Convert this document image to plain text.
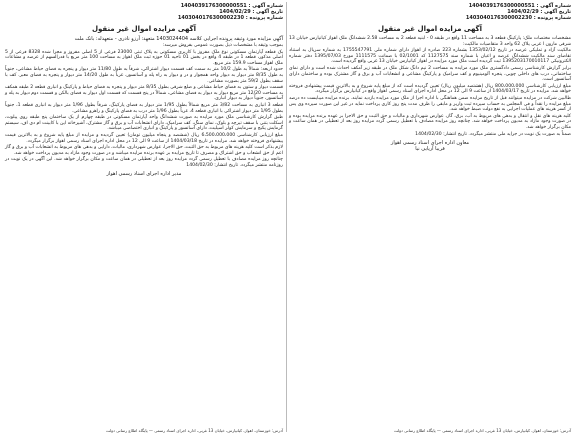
شماره آگهی : 1404039176300000551
تاریخ آگهی : 1404/02/29
شماره پرونده : 1403040176300002230
آگهی مزایده اموال غیر منقول

مشخصات مختصات ملک: پارکینگ قطعه 3 به مساحت 11 واقع در طبقه 0 - ابنیه قطعه 2 به مساحت 2.58 ششدانگ ملک اهواز کیانپارس خیابان 13 شرقی مارون ا غربی پلاک 62 واحد 3 متقاضیات مالکیت:

مالکیت آزاد و تملیکی عرصه در تاریخ 1353/02/12 بشماره 223 صادره از اهواز دارای شماره ملی 1755547791 به شماره سریال به استناد تقاضای سند مالکیت ششدانگ عرصه و اعیان با شماره سند 1127575 کد 02/1001 با ضمانت 1111575 مورخ 1395/07/03 دفتر شماره الکترونیکی 1395203170010117 ثبت گردیده است ملک مورد مزایده در اهواز کیانپارس خیابان 13 غربی واقع گردیده است.

برابر گزارش کارشناسی رسمی دادگستری ملک مورد مزایده به مساحت 2 نیم دانگ شکل ملک در طبقه زیر آمکف احداث شده است و دارای نمای ساختمانی، درب های داخلی چوبی، پنجره آلومینیوم و کف سرامیک و پارکینگ مشاعی و انشعابات آب و برق و گاز مشترک بوده و ساختمان دارای آسانسور است.

مبلغ ارزیابی کارشناسی 800،000،000 ریال (هشتصد میلیون ریال) تعیین گردیده است که از مبلغ پایه شروع و به بالاترین قیمت پیشنهادی فروخته خواهد شد. مزایده در تاریخ 1404/03/17 از ساعت 9 الی 12 در محل اداره اجرای اسناد رسمی اهواز واقع در کیانپارس برگزار میگردد.

طالبین شرکت در مزایده میتوانند قبل از تاریخ مزایده ضمن هماهنگی با اداره اجرا از ملک مورد مزایده بازدید نمایند. برنده مزایده میبایست ده درصد مبلغ مزایده را نقداً و فی المجلس به حساب سپرده ثبت واریز و مابقی را ظرف مدت پنج روز کاری پرداخت نماید در غیر این صورت سپرده وی پس از کسر هزینه های عملیات اجرایی به نفع دولت ضبط خواهد شد.

کلیه هزینه های نقل و انتقال و بدهی های مربوط به آب، برق، گاز، عوارض شهرداری و مالیات و حق الثبت و حق الاجرا بر عهده برنده مزایده بوده و در صورت وجود مازاد به مدیون پرداخت خواهد شد. چنانچه روز مزایده مصادف با تعطیل رسمی گردد مزایده روز بعد از تعطیلی در همان ساعت و مکان برگزار خواهد شد.

ضمناً به صورت یک نوبت در جراید ملی منتشر میگردد. تاریخ انتشار: 1404/02/30

معاون اداره اجرای اسناد رسمی اهواز
فریبا آریایی نیا
آدرس: خوزستان، اهواز، کیانپارس، خیابان 13 غربی، اداره اجرای اسناد رسمی — پایگاه اطلاع رسانی دولت
شماره آگهی : 1404039176300000551
تاریخ آگهی : 1404/02/29
شماره پرونده : 1403040176300002230
آگهی مزایده اموال غیر منقول
آگهی مزایده مورد وثیقه پرونده اجرایی کلاسه 1403024404 متعهد: آرزو نادری - متعهدله: بانک ملت

بموجب وثیقه با مشخصات ذیل بصورت عمومی بفروش میرسد:

یک قطعه آپارتمان مسکونی نوع ملک مفروز با کاربری مسکونی به پلاک ثبتی 23000 فرعی از 5 اصلی مفروز و مجزا شده 8328 فرعی از 5 اصلی مذکور، قطعه 1 در طبقه 4 واقع در بخش 01 ناحیه 01 حوزه ثبت ملک اهواز به مساحت 100 متر مربع با قدرالسهم از عرصه و مشاعات ملک اهواز مساحت 159.9 متر مربع.

حدود اربعه: شمالاً به طول 10/2 متر به سمت کف قسمت دیوار اشتراکی، شرقاً به طول 11/80 متر دیوار و پنجره به فضای حیاط مشاعی، جنوباً به طول 8/35 متر دیوار به دیوار واحد همجوار و در و دیوار به راه پله و آسانسور، غرباً به طول 14/20 متر دیوار و پنجره به فضای معبر. کف با سقف بطول 59/2 متر بصورت مشاعی.

قسمت دیوار و ستون به فضای حیاط مشاعی و ضلع شرقی بطول 8/35 متر دیوار و پنجره به فضای حیاط و پارکینگ و انباری قطعه 2 طبقه همکف به مساحت 12/20 متر مربع دیوار به دیوار به فضای مشاعی، شمالاً در پنج قسمت که قسمت اول دیوار به فضای بالکن و قسمت دوم دیوار به پله و آسانسور، جنوباً دیوار به دیوار انباری.

قطعه 3 انباری به مساحت 3/82 متر مربع شمالاً بطول 1/95 متر دیوار به فضای پارکینگ، شرقاً بطول 1/96 متر دیوار به انباری قطعه 1، جنوباً بطول 1/95 متر دیوار اشتراکی با انباری قطعه 4، غرباً بطول 1/96 متر درب به فضای پارکینگ و راهرو مشاعی.

طبق گزارش کارشناسی ملک مورد مزایده به صورت ششدانگ واحد آپارتمان مسکونی در طبقه چهارم از یک ساختمان پنج طبقه روی پیلوت، اسکلت بتنی با سقف تیرچه و بلوک، نمای سنگ، کف سرامیک، دارای انشعابات آب و برق و گاز مشترک، آشپزخانه اپن با کابینت ام دی اف، سیستم گرمایش پکیج و سرمایش کولر اسپلیت، دارای آسانسور و پارکینگ و انباری اختصاصی میباشد.

مبلغ ارزیابی کارشناسی 6،500،000،000 ریال (ششصد و پنجاه میلیون تومان) تعیین گردیده و مزایده از مبلغ پایه شروع و به بالاترین قیمت پیشنهادی فروخته خواهد شد. مزایده در تاریخ 1404/03/18 از ساعت 9 الی 12 در محل اداره اجرای اسناد رسمی اهواز برگزار میگردد.

لازم بذکر است کلیه هزینه های مربوط به حق الثبت، حق الاجرا، عوارض شهرداری، مالیات، دارایی و بدهی های مربوط به انشعابات آب و برق و گاز اعم از حق انشعاب و حق اشتراک و مصرف تا تاریخ مزایده بر عهده برنده مزایده میباشد و در صورت وجود مازاد به مدیون پرداخت خواهد شد.

چنانچه روز مزایده مصادف با تعطیل رسمی گردد مزایده روز بعد از تعطیلی در همان ساعت و مکان برگزار خواهد شد. این آگهی در یک نوبت در روزنامه منتشر میگردد. تاریخ انتشار: 1404/02/30

مدیر اداره اجرای اسناد رسمی اهواز
آدرس: خوزستان، اهواز، کیانپارس، خیابان 13 غربی، اداره اجرای اسناد رسمی — پایگاه اطلاع رسانی دولت
